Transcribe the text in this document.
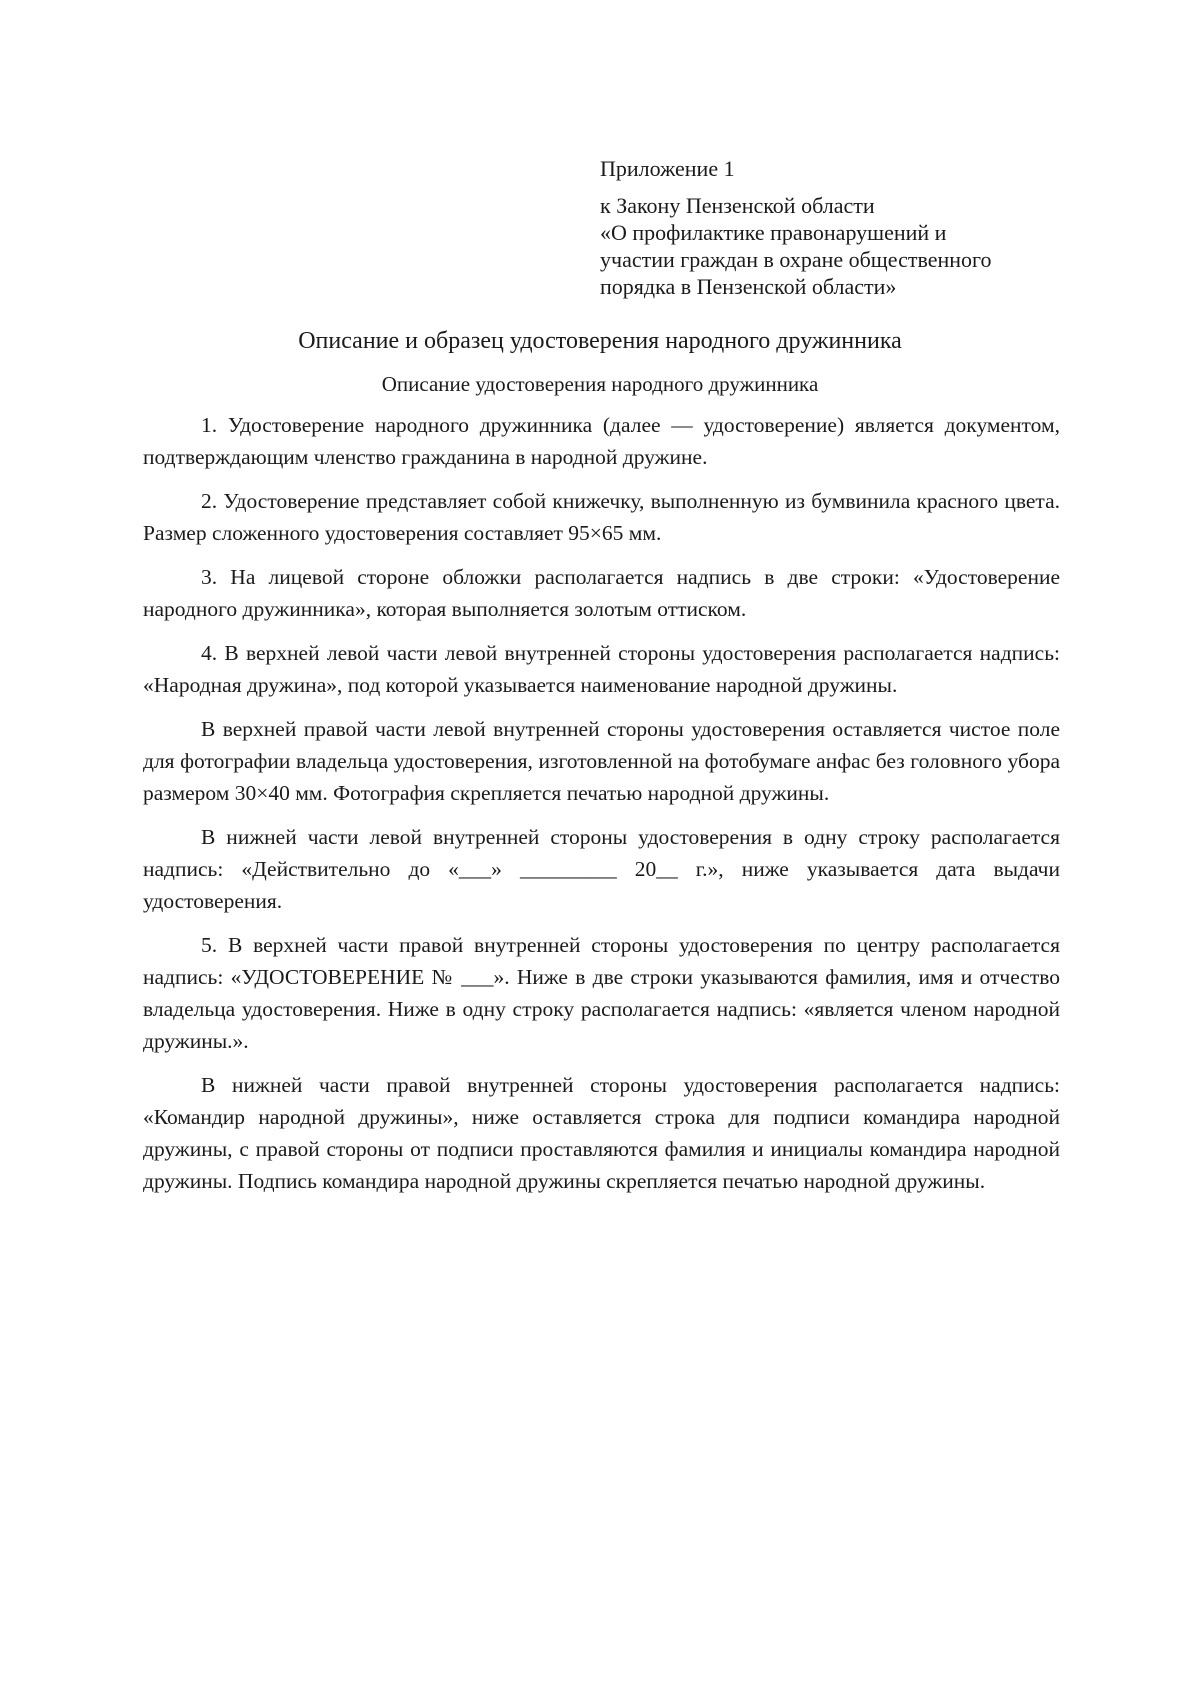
Приложение 1
к Закону Пензенской области
«О профилактике правонарушений и
участии граждан в охране общественного
порядка в Пензенской области»
Описание и образец удостоверения народного дружинника
Описание удостоверения народного дружинника

1. Удостоверение народного дружинника (далее — удостоверение) является документом, подтверждающим членство гражданина в народной дружине.

2. Удостоверение представляет собой книжечку, выполненную из бумвинила красного цвета. Размер сложенного удостоверения составляет 95×65 мм.

3. На лицевой стороне обложки располагается надпись в две строки: «Удостоверение народного дружинника», которая выполняется золотым оттиском.

4. В верхней левой части левой внутренней стороны удостоверения располагается надпись: «Народная дружина», под которой указывается наименование народной дружины.

В верхней правой части левой внутренней стороны удостоверения оставляется чистое поле для фотографии владельца удостоверения, изготовленной на фотобумаге анфас без головного убора размером 30×40 мм. Фотография скрепляется печатью народной дружины.

В нижней части левой внутренней стороны удостоверения в одну строку располагается надпись: «Действительно до «___» _________ 20__ г.», ниже указывается дата выдачи удостоверения.

5. В верхней части правой внутренней стороны удостоверения по центру располагается надпись: «УДОСТОВЕРЕНИЕ № ___». Ниже в две строки указываются фамилия, имя и отчество владельца удостоверения. Ниже в одну строку располагается надпись: «является членом народной дружины.».

В нижней части правой внутренней стороны удостоверения располагается надпись: «Командир народной дружины», ниже оставляется строка для подписи командира народной дружины, с правой стороны от подписи проставляются фамилия и инициалы командира народной дружины. Подпись командира народной дружины скрепляется печатью народной дружины.
